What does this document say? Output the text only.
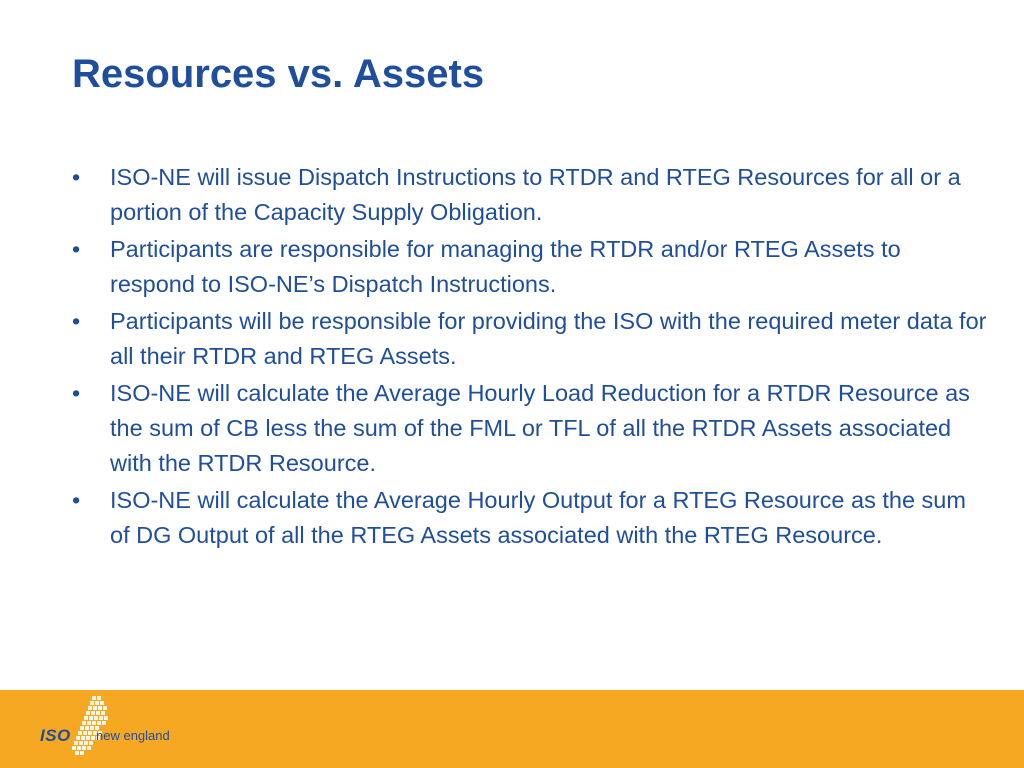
Resources vs. Assets
•	ISO-NE will issue Dispatch Instructions to RTDR and RTEG Resources for all or a portion of the Capacity Supply Obligation.
•	Participants are responsible for managing the RTDR and/or RTEG Assets to respond to ISO-NE’s Dispatch Instructions.
•	Participants will be responsible for providing the ISO with the required meter data for all their RTDR and RTEG Assets.
•	ISO-NE will calculate the Average Hourly Load Reduction for a RTDR Resource as the sum of CB less the sum of the FML or TFL of all the RTDR Assets associated with the RTDR Resource.
•	ISO-NE will calculate the Average Hourly Output for a RTEG Resource as the sum of DG Output of all the RTEG Assets associated with the RTEG Resource.
ISO new england
